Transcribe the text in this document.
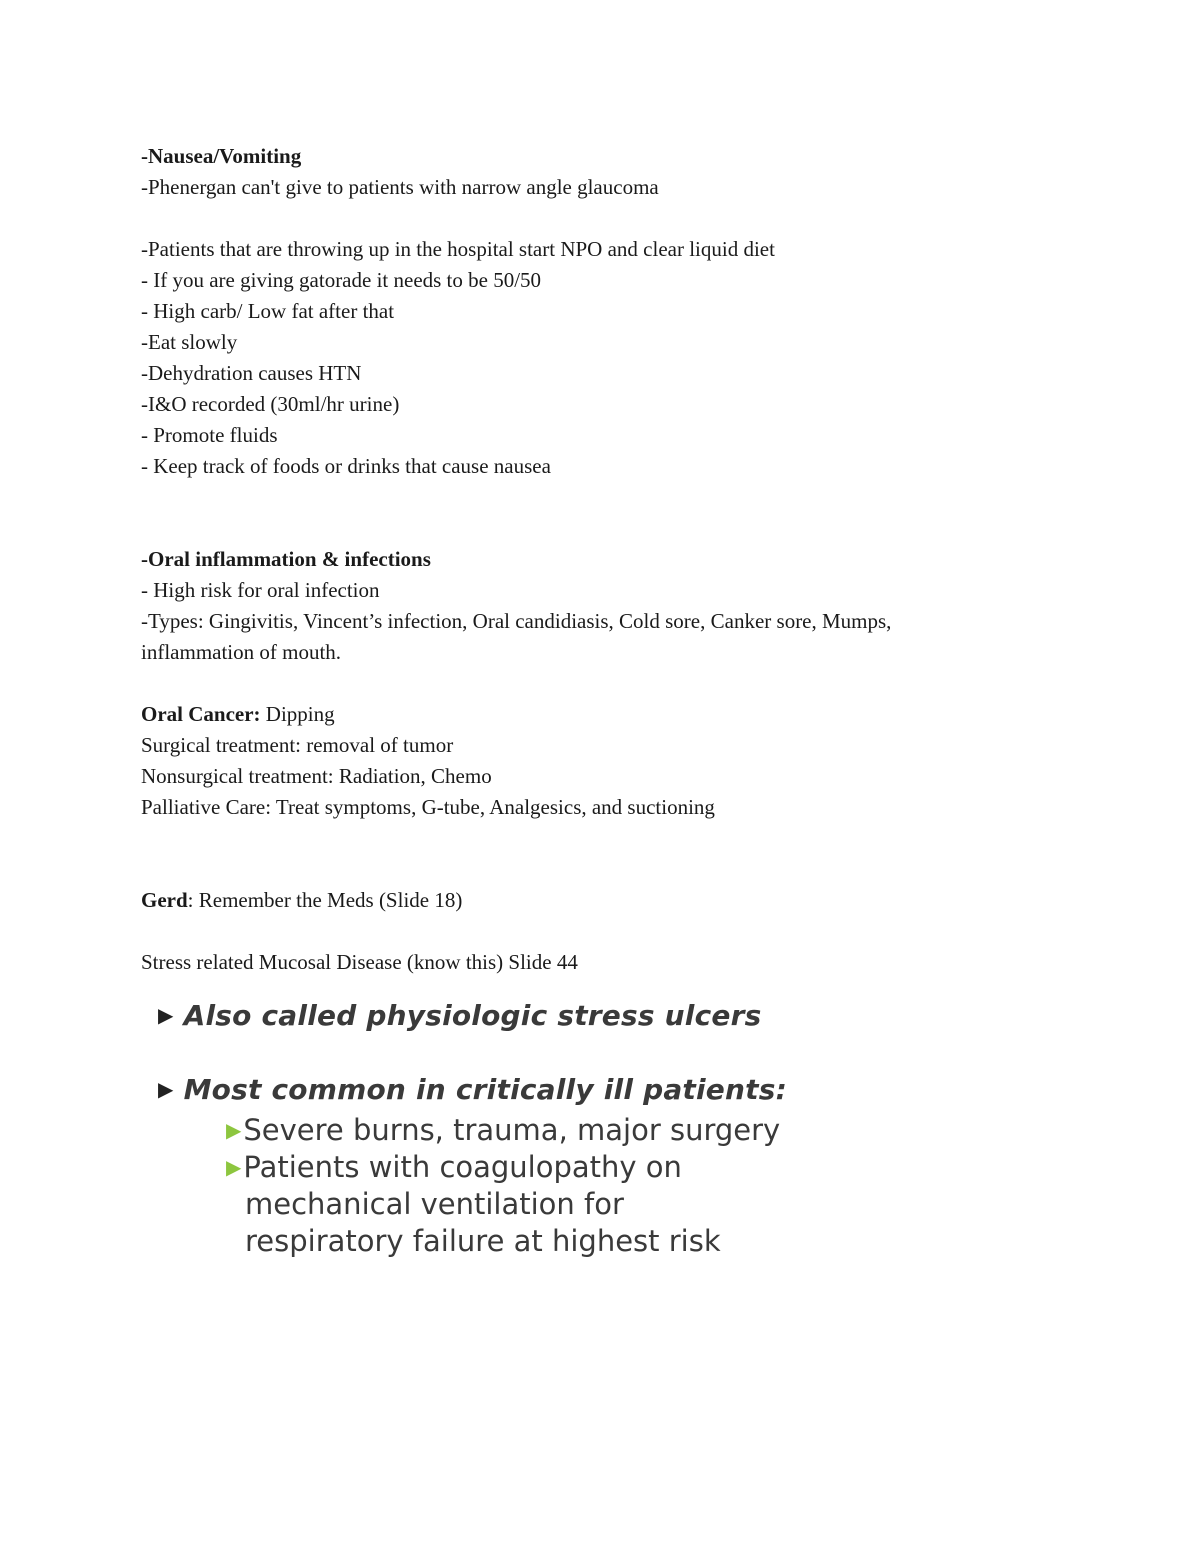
-Nausea/Vomiting
-Phenergan can't give to patients with narrow angle glaucoma
-Patients that are throwing up in the hospital start NPO and clear liquid diet
- If you are giving gatorade it needs to be 50/50
- High carb/ Low fat after that
-Eat slowly
-Dehydration causes HTN
-I&O recorded (30ml/hr urine)
- Promote fluids
- Keep track of foods or drinks that cause nausea
-Oral inflammation & infections
- High risk for oral infection
-Types: Gingivitis, Vincent’s infection, Oral candidiasis, Cold sore, Canker sore, Mumps,
inflammation of mouth.
Oral Cancer: Dipping
Surgical treatment: removal of tumor
Nonsurgical treatment: Radiation, Chemo
Palliative Care: Treat symptoms, G-tube, Analgesics, and suctioning
Gerd: Remember the Meds (Slide 18)
Stress related Mucosal Disease (know this) Slide 44
▶ Also called physiologic stress ulcers
▶ Most common in critically ill patients:
▶Severe burns, trauma, major surgery
▶Patients with coagulopathy on
mechanical ventilation for
respiratory failure at highest risk
